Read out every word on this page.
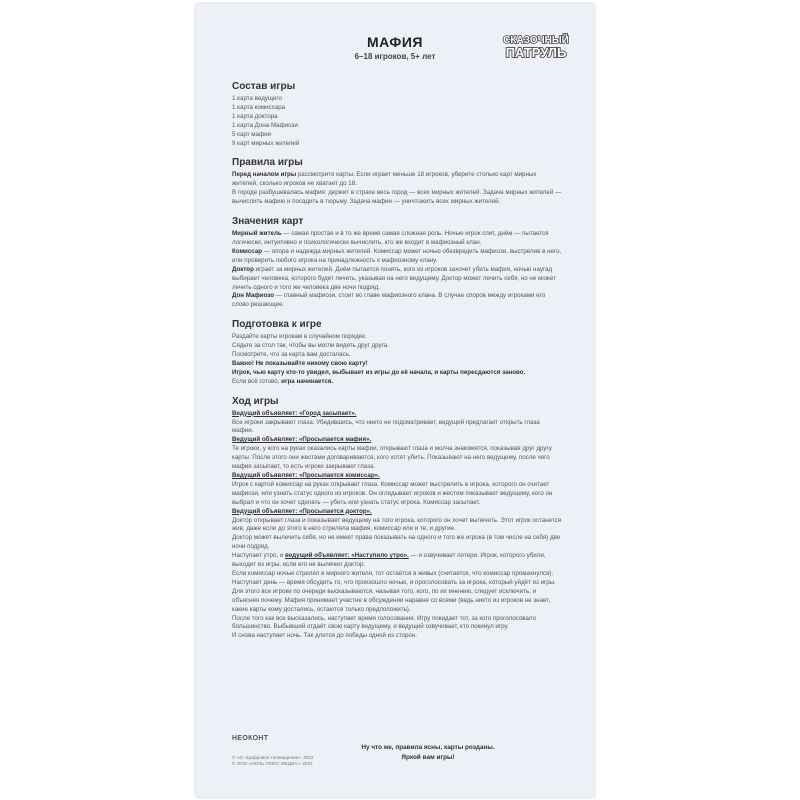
МАФИЯ
6–18 игроков, 5+ лет
СКАЗОЧНЫЙ
ПАТРУЛЬ
Состав игры

1 карта ведущего

1 карта комиссара

1 карта доктора

1 карта Дона Мафиози

5 карт мафии

9 карт мирных жителей

Правила игры

Перед началом игры рассмотрите карты. Если играет меньше 18 игроков, уберите столько карт мирных жителей, сколько игроков не хватает до 18.

В городе разбушевалась мафия: держит в страхе весь город — всех мирных жителей. Задача мирных жителей — вычислить мафию и посадить в тюрьму. Задача мафии — уничтожить всех мирных жителей.

Значения карт

Мирный житель — самая простая и в то же время самая сложная роль. Ночью игрок спит, днём — пытается логически, интуитивно и психологически вычислить, кто же входит в мафиозный клан.

Комиссар — опора и надежда мирных жителей. Комиссар может ночью обезвредить мафиози, выстрелив в него, или проверить любого игрока на принадлежность к мафиозному клану.

Доктор играет за мирных жителей. Днём пытается понять, кого из игроков захочет убить мафия, ночью наугад выбирает человека, которого будет лечить, указывая на него ведущему. Доктор может лечить себя, но не может лечить одного и того же человека две ночи подряд.

Дон Мафиозо — главный мафиози, стоит во главе мафиозного клана. В случае споров между игроками его слово решающее.

Подготовка к игре

Раздайте карты игрокам в случайном порядке.

Сядьте за стол так, чтобы вы могли видеть друг друга.

Посмотрите, что за карта вам досталась.

Важно! Не показывайте никому свою карту!

Игрок, чью карту кто-то увидел, выбывает из игры до её начала, и карты пересдаются заново.

Если всё готово, игра начинается.

Ход игры

Ведущий объявляет: «Город засыпает».

Все игроки закрывают глаза. Убедившись, что никто не подсматривает, ведущий предлагает открыть глаза мафии.

Ведущий объявляет: «Просыпается мафия».

Те игроки, у кого на руках оказались карты мафии, открывают глаза и молча знакомятся, показывая друг другу карты. После этого они жестами договариваются, кого хотят убить. Показывают на него ведущему, после чего мафия засыпает, то есть игроки закрывают глаза.

Ведущий объявляет: «Просыпается комиссар».

Игрок с картой комиссар на руках открывает глаза. Комиссар может выстрелить в игрока, которого он считает мафиози, или узнать статус одного из игроков. Он оглядывает игроков и жестом показывает ведущему, кого он выбрал и что он хочет сделать — убить или узнать статус игрока. Комиссар засыпает.

Ведущий объявляет: «Просыпается доктор».

Доктор открывает глаза и показывает ведущему на того игрока, которого он хочет вылечить. Этот игрок останется жив, даже если до этого в него стреляла мафия, комиссар или и те, и другие.

Доктор может вылечить себя, но не имеет права показывать на одного и того же игрока (в том числе на себя) две ночи подряд.

Наступает утро, и ведущий объявляет: «Наступило утро». — и озвучивает потери. Игрок, которого убили, выходит из игры, если его не вылечил доктор.

Если комиссар ночью стрелял в мирного жителя, тот остаётся в живых (считается, что комиссар промахнулся).

Наступает день — время обсудить то, что произошло ночью, и проголосовать за игрока, который уйдёт из игры. Для этого все игроки по очереди высказываются, называя того, кого, по их мнению, следует исключить, и объясняя почему. Мафия принимает участие в обсуждении наравне со всеми (ведь никто из игроков не знает, какие карты кому достались, остаются только предположить).

После того как все высказались, наступает время голосования. Игру покидает тот, за кого проголосовало большинство. Выбывший отдаёт свою карту ведущему, и ведущий озвучивает, кто покинул игру.

И снова наступает ночь. Так длится до победы одной из сторон.

НЕОКОНТ
© АО «Цифровое телевидение», 2022
© ООО «НОЛЬ ПЛЮС МЕДИА», 2022
Ну что же, правила ясны, карты розданы.
Яркой вам игры!
